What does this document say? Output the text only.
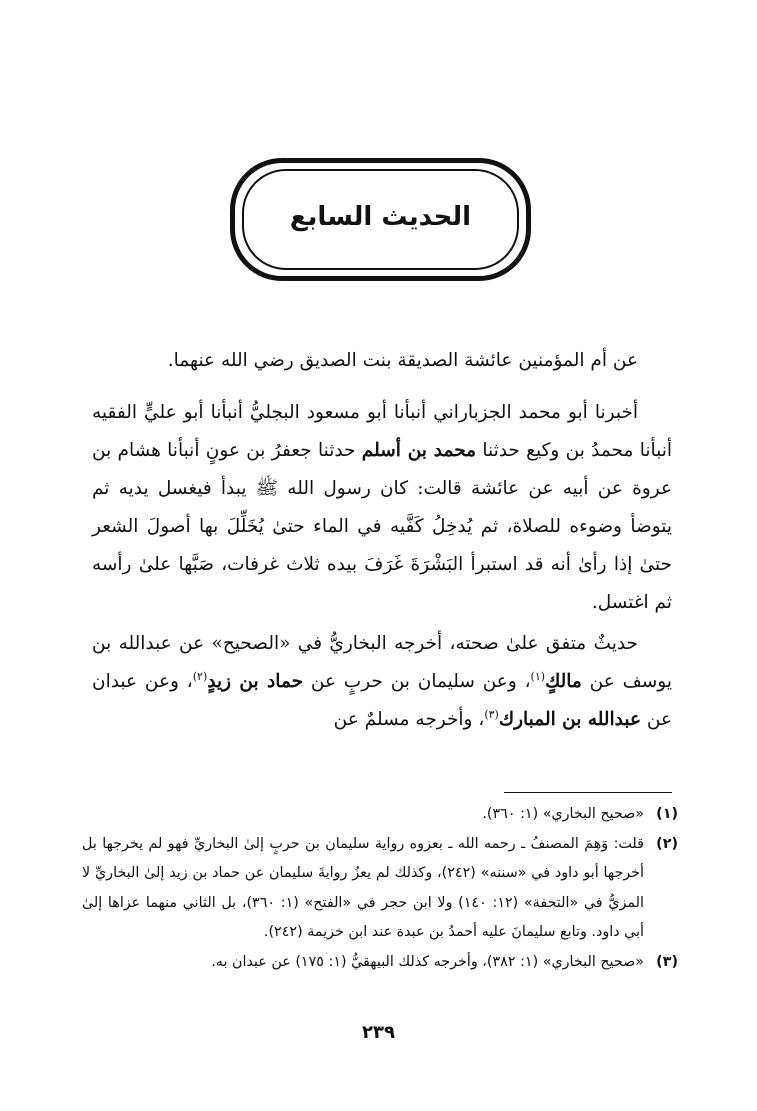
الحديث السابع

عن أم المؤمنين عائشة الصديقة بنت الصديق رضي الله عنهما.

أخبرنا أبو محمد الجزباراني أنبأنا أبو مسعود البجليُّ أنبأنا أبو عليٍّ الفقيه أنبأنا محمدُ بن وكيع حدثنا محمد بن أسلم حدثنا جعفرُ بن عونٍ أنبأنا هشام بن عروة عن أبيه عن عائشة قالت: كان رسول الله ﷺ يبدأ فيغسل يديه ثم يتوضأ وضوءه للصلاة، ثم يُدخِلُ كَفَّيه في الماء حتىٰ يُخَلِّلَ بها أصولَ الشعر حتىٰ إذا رأىٰ أنه قد استبرأ البَشْرَةَ غَرَفَ بيده ثلاث غرفات، صَبَّها علىٰ رأسه ثم اغتسل.

حديثٌ متفق علىٰ صحته، أخرجه البخاريُّ في «الصحيح» عن عبدالله بن يوسف عن مالكٍ$^{(١)}$، وعن سليمان بن حربٍ عن حماد بن زيدٍ$^{(٢)}$، وعن عبدان عن عبدالله بن المبارك$^{(٣)}$، وأخرجه مسلمٌ عن

(١)
«صحيح البخاري» (١: ٣٦٠).
(٢)
قلت: وَهِمَ المصنفُ ـ رحمه الله ـ بعزوه رواية سليمان بن حربٍ إلىٰ البخاريِّ فهو لم يخرجها بل أخرجها أبو داود في «سننه» (٢٤٢)، وكذلك لم يعزُ روايةَ سليمان عن حماد بن زيد إلىٰ البخاريِّ لا المزيُّ في «التحفة» (١٢: ١٤٠) ولا ابن حجر في «الفتح» (١: ٣٦٠)، بل الثاني منهما عزاها إلىٰ أبي داود. وتابع سليمانَ عليه أحمدُ بن عبدة عند ابن خزيمة (٢٤٢).
(٣)
«صحيح البخاري» (١: ٣٨٢)، وأخرجه كذلك البيهقيُّ (١: ١٧٥) عن عبدان به.
٢٣٩
